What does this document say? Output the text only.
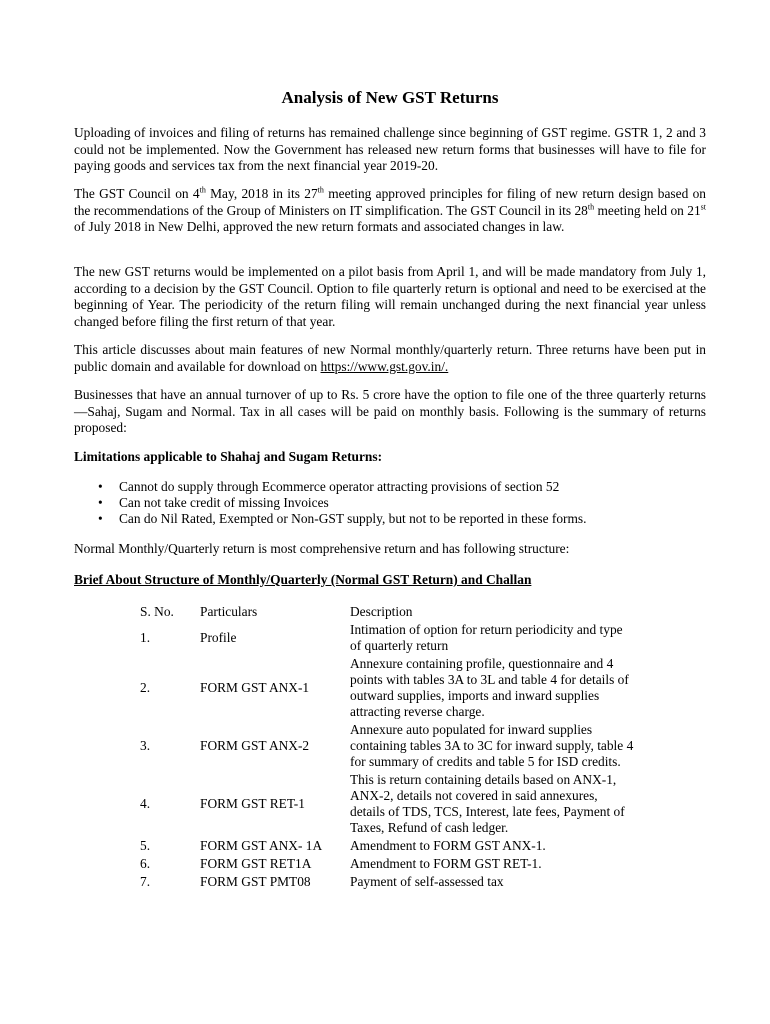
Analysis of New GST Returns

Uploading of invoices and filing of returns has remained challenge since beginning of GST regime. GSTR 1, 2 and 3 could not be implemented. Now the Government has released new return forms that businesses will have to file for paying goods and services tax from the next financial year 2019-20.

The GST Council on 4th May, 2018 in its 27th meeting approved principles for filing of new return design based on the recommendations of the Group of Ministers on IT simplification. The GST Council in its 28th meeting held on 21st of July 2018 in New Delhi, approved the new return formats and associated changes in law.

The new GST returns would be implemented on a pilot basis from April 1, and will be made mandatory from July 1, according to a decision by the GST Council. Option to file quarterly return is optional and need to be exercised at the beginning of Year. The periodicity of the return filing will remain unchanged during the next financial year unless changed before filing the first return of that year.

This article discusses about main features of new Normal monthly/quarterly return. Three returns have been put in public domain and available for download on https://www.gst.gov.in/.

Businesses that have an annual turnover of up to Rs. 5 crore have the option to file one of the three quarterly returns—Sahaj, Sugam and Normal. Tax in all cases will be paid on monthly basis. Following is the summary of returns proposed:

Limitations applicable to Shahaj and Sugam Returns:
• Cannot do supply through Ecommerce operator attracting provisions of section 52
• Can not take credit of missing Invoices
• Can do Nil Rated, Exempted or Non-GST supply, but not to be reported in these forms.

Normal Monthly/Quarterly return is most comprehensive return and has following structure:

Brief About Structure of Monthly/Quarterly (Normal GST Return) and Challan
S. No.	Particulars	Description
1.	Profile	Intimation of option for return periodicity and type of quarterly return
2.	FORM GST ANX-1	Annexure containing profile, questionnaire and 4 points with tables 3A to 3L and table 4 for details of outward supplies, imports and inward supplies attracting reverse charge.
3.	FORM GST ANX-2	Annexure auto populated for inward supplies containing tables 3A to 3C for inward supply, table 4 for summary of credits and table 5 for ISD credits.
4.	FORM GST RET-1	This is return containing details based on ANX-1, ANX-2, details not covered in said annexures, details of TDS, TCS, Interest, late fees, Payment of Taxes, Refund of cash ledger.
5.	FORM GST ANX- 1A	Amendment to FORM GST ANX-1.
6.	FORM GST RET1A	Amendment to FORM GST RET-1.
7.	FORM GST PMT08	Payment of self-assessed tax
